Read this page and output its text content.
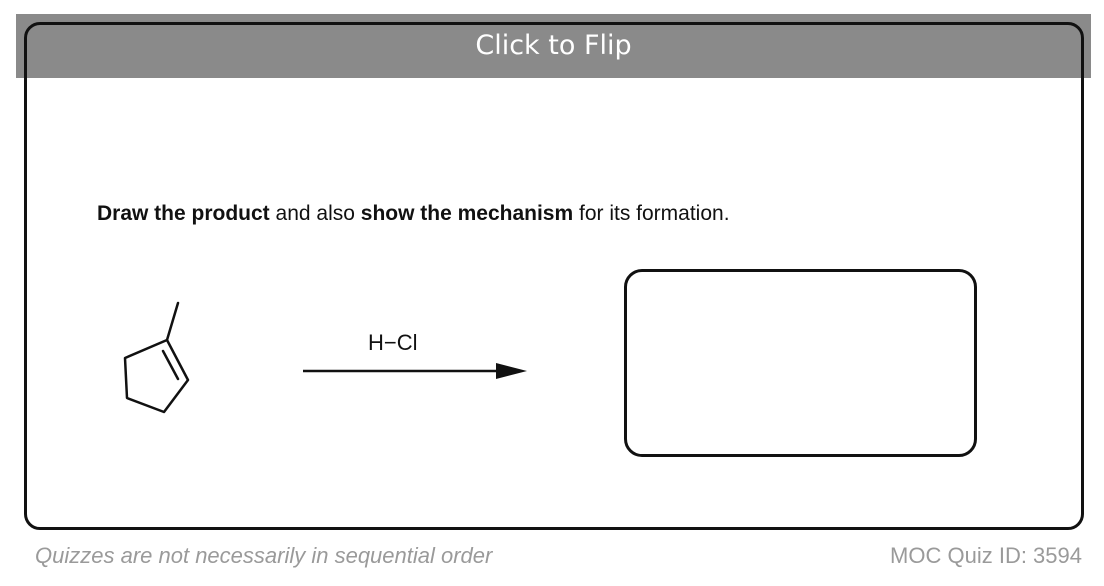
Click to Flip
Draw the product and also show the mechanism for its formation.
H−Cl
Quizzes are not necessarily in sequential order	MOC Quiz ID: 3594
